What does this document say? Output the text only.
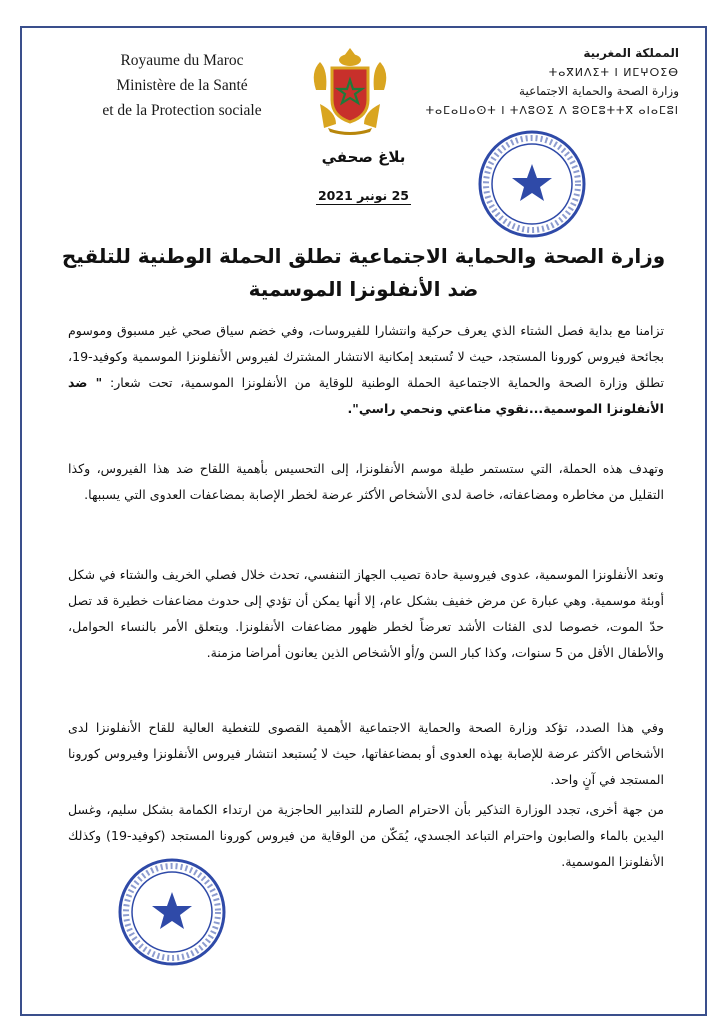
Royaume du Maroc
Ministère de la Santé
et de la Protection sociale
المملكة المغربية
ⵜⴰⴳⵍⴷⵉⵜ ⵏ ⵍⵎⵖⵔⵉⴱ
وزارة الصحة والحماية الاجتماعية
ⵜⴰⵎⴰⵡⴰⵙⵜ ⵏ ⵜⴷⵓⵙⵉ ⴷ ⵓⵙⵎⵓⵜⵜⴳ ⴰⵏⴰⵎⵓⵏ
بلاغ صحفي
25 نونبر 2021
وزارة الصحة والحماية الاجتماعية تطلق الحملة الوطنية للتلقيح
ضد الأنفلونزا الموسمية
تزامنا مع بداية فصل الشتاء الذي يعرف حركية وانتشارا للفيروسات، وفي خضم سياق صحي غير مسبوق وموسوم بجائحة فيروس كورونا المستجد، حيث لا تُستبعد إمكانية الانتشار المشترك لفيروس الأنفلونزا الموسمية وكوفيد-19، تطلق وزارة الصحة والحماية الاجتماعية الحملة الوطنية للوقاية من الأنفلونزا الموسمية، تحت شعار: " ضد الأنفلونزا الموسمية...نقوي مناعتي ونحمي راسي".
وتهدف هذه الحملة، التي ستستمر طيلة موسم الأنفلونزا، إلى التحسيس بأهمية اللقاح ضد هذا الفيروس، وكذا التقليل من مخاطره ومضاعفاته، خاصة لدى الأشخاص الأكثر عرضة لخطر الإصابة بمضاعفات العدوى التي يسببها.
وتعد الأنفلونزا الموسمية، عدوى فيروسية حادة تصيب الجهاز التنفسي، تحدث خلال فصلي الخريف والشتاء في شكل أوبئة موسمية. وهي عبارة عن مرض خفيف بشكل عام، إلا أنها يمكن أن تؤدي إلى حدوث مضاعفات خطيرة قد تصل حدّ الموت، خصوصا لدى الفئات الأشد تعرضاً لخطر ظهور مضاعفات الأنفلونزا. ويتعلق الأمر بالنساء الحوامل، والأطفال الأقل من 5 سنوات، وكذا كبار السن و/أو الأشخاص الذين يعانون أمراضا مزمنة.
وفي هذا الصدد، تؤكد وزارة الصحة والحماية الاجتماعية الأهمية القصوى للتغطية العالية للقاح الأنفلونزا لدى الأشخاص الأكثر عرضة للإصابة بهذه العدوى أو بمضاعفاتها، حيث لا يُستبعد انتشار فيروس الأنفلونزا وفيروس كورونا المستجد في آنٍ واحد.
من جهة أخرى، تجدد الوزارة التذكير بأن الاحترام الصارم للتدابير الحاجزية من ارتداء الكمامة بشكل سليم، وغسل اليدين بالماء والصابون واحترام التباعد الجسدي، يُمَكّن من الوقاية من فيروس كورونا المستجد (كوفيد-19) وكذلك الأنفلونزا الموسمية.
